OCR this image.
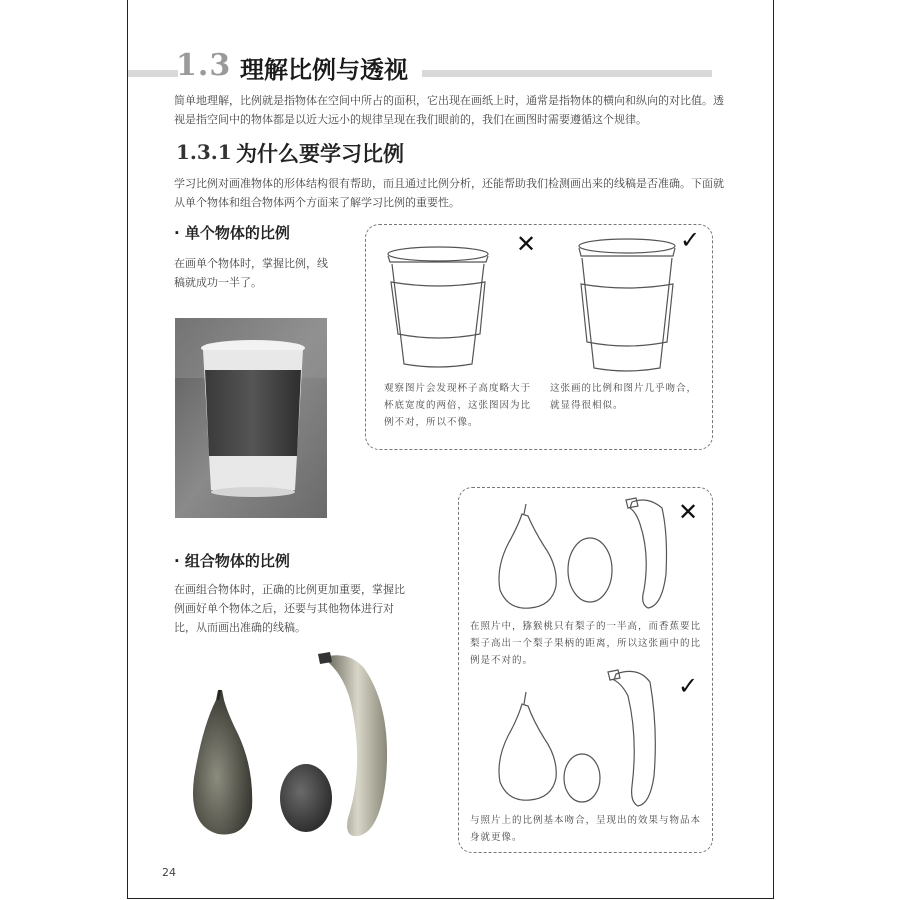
1.3 理解比例与透视
简单地理解，比例就是指物体在空间中所占的面积，它出现在画纸上时，通常是指物体的横向和纵向的对比值。透视是指空间中的物体都是以近大远小的规律呈现在我们眼前的，我们在画图时需要遵循这个规律。
1.3.1 为什么要学习比例
学习比例对画准物体的形体结构很有帮助，而且通过比例分析，还能帮助我们检测画出来的线稿是否准确。下面就从单个物体和组合物体两个方面来了解学习比例的重要性。
· 单个物体的比例
在画单个物体时，掌握比例，线稿就成功一半了。
✕	✓
观察图片会发现杯子高度略大于杯底宽度的两倍，这张图因为比例不对，所以不像。
这张画的比例和图片几乎吻合，就显得很相似。
· 组合物体的比例
在画组合物体时，正确的比例更加重要，掌握比例画好单个物体之后，还要与其他物体进行对比，从而画出准确的线稿。
✕
在照片中，猕猴桃只有梨子的一半高，而香蕉要比梨子高出一个梨子果柄的距离，所以这张画中的比例是不对的。
✓
与照片上的比例基本吻合，呈现出的效果与物品本身就更像。
24
